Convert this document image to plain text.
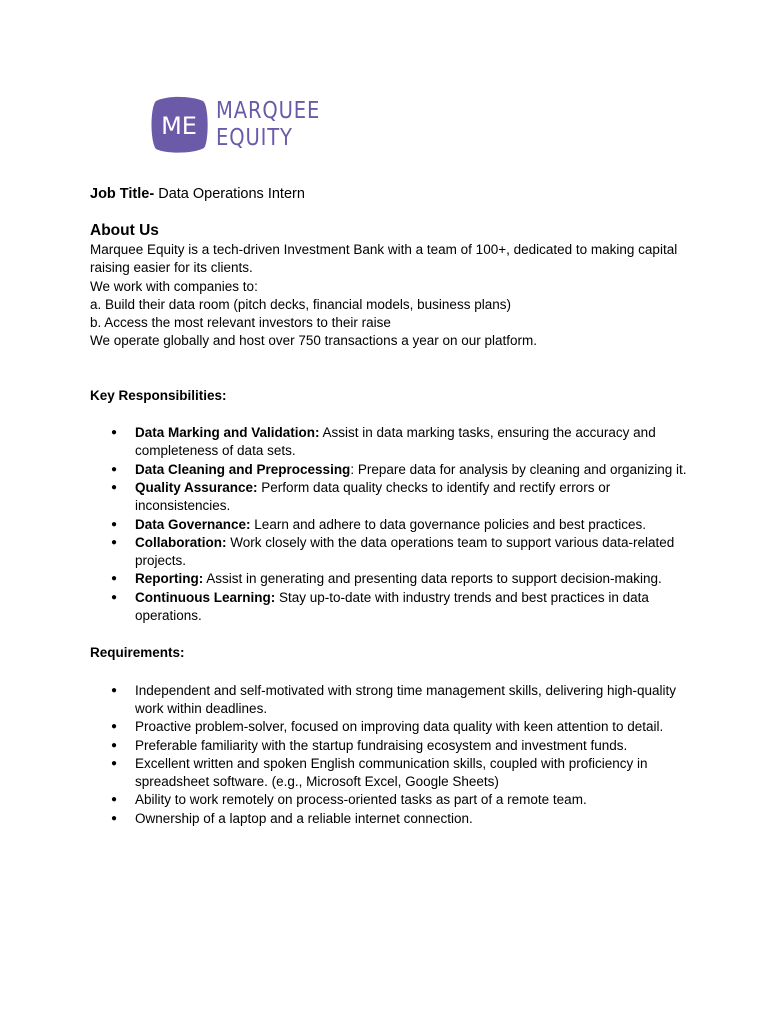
ME
MARQUEE
EQUITY

Job Title- Data Operations Intern

About Us

Marquee Equity is a tech-driven Investment Bank with a team of 100+, dedicated to making capital raising easier for its clients.

We work with companies to:

a. Build their data room (pitch decks, financial models, business plans)

b. Access the most relevant investors to their raise

We operate globally and host over 750 transactions a year on our platform.

Key Responsibilities:

● Data Marking and Validation: Assist in data marking tasks, ensuring the accuracy and completeness of data sets.
● Data Cleaning and Preprocessing: Prepare data for analysis by cleaning and organizing it.
● Quality Assurance: Perform data quality checks to identify and rectify errors or inconsistencies.
● Data Governance: Learn and adhere to data governance policies and best practices.
● Collaboration: Work closely with the data operations team to support various data-related projects.
● Reporting: Assist in generating and presenting data reports to support decision-making.
● Continuous Learning: Stay up-to-date with industry trends and best practices in data operations.

Requirements:

● Independent and self-motivated with strong time management skills, delivering high-quality work within deadlines.
● Proactive problem-solver, focused on improving data quality with keen attention to detail.
● Preferable familiarity with the startup fundraising ecosystem and investment funds.
● Excellent written and spoken English communication skills, coupled with proficiency in spreadsheet software. (e.g., Microsoft Excel, Google Sheets)
● Ability to work remotely on process-oriented tasks as part of a remote team.
● Ownership of a laptop and a reliable internet connection.
